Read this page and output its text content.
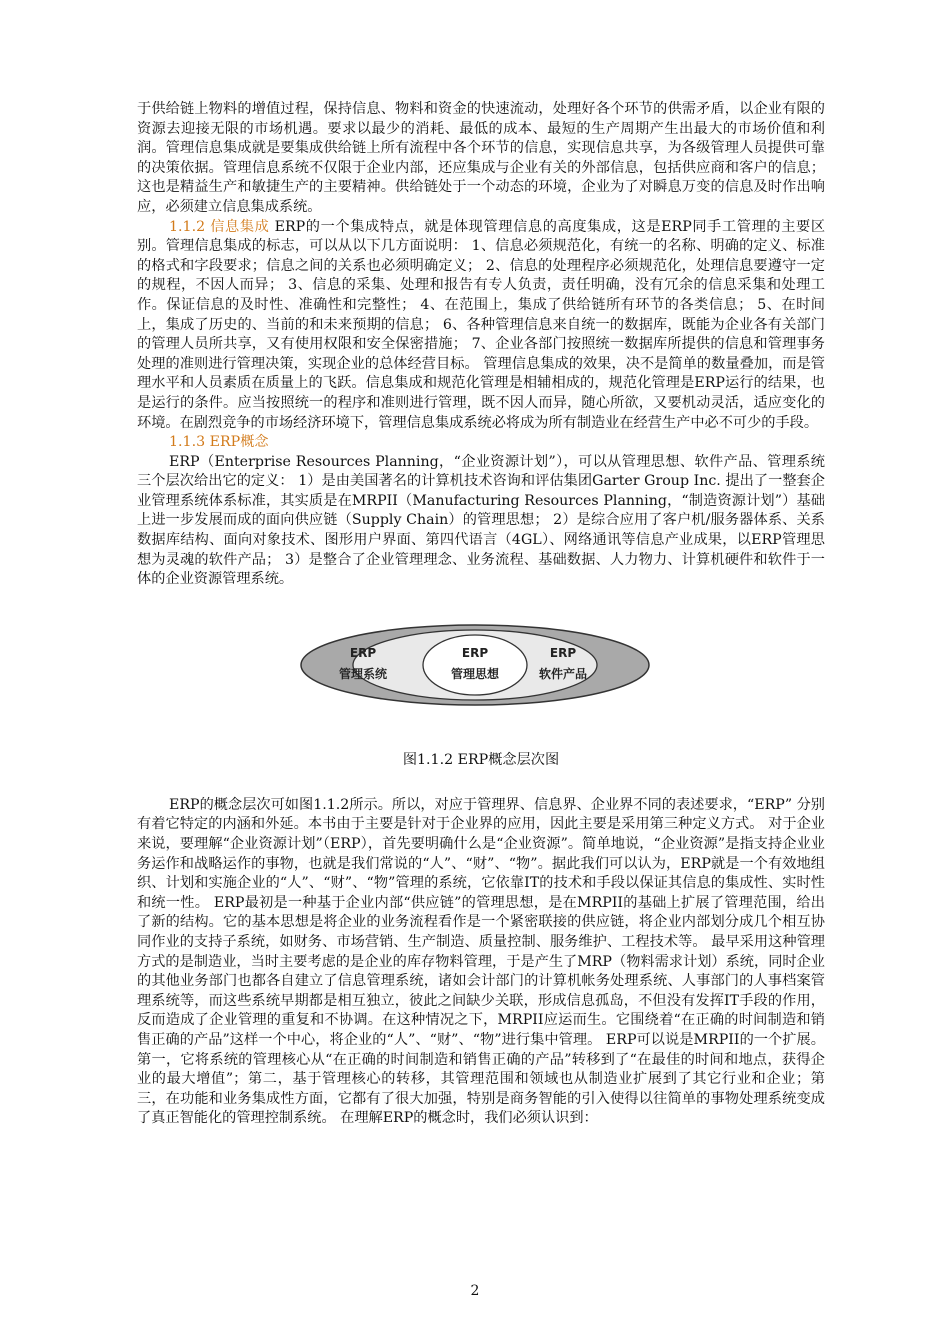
于供给链上物料的增值过程，保持信息、物料和资金的快速流动，处理好各个环节的供需矛盾，以企业有限的资源去迎接无限的市场机遇。要求以最少的消耗、最低的成本、最短的生产周期产生出最大的市场价值和利润。管理信息集成就是要集成供给链上所有流程中各个环节的信息，实现信息共享，为各级管理人员提供可靠的决策依据。管理信息系统不仅限于企业内部，还应集成与企业有关的外部信息，包括供应商和客户的信息；这也是精益生产和敏捷生产的主要精神。供给链处于一个动态的环境，企业为了对瞬息万变的信息及时作出响应，必须建立信息集成系统。

1.1.2 信息集成 ERP的一个集成特点，就是体现管理信息的高度集成，这是ERP同手工管理的主要区别。管理信息集成的标志，可以从以下几方面说明： 1、信息必须规范化，有统一的名称、明确的定义、标准的格式和字段要求；信息之间的关系也必须明确定义； 2、信息的处理程序必须规范化，处理信息要遵守一定的规程，不因人而异； 3、信息的采集、处理和报告有专人负责，责任明确，没有冗余的信息采集和处理工作。保证信息的及时性、准确性和完整性； 4、在范围上，集成了供给链所有环节的各类信息； 5、在时间上，集成了历史的、当前的和未来预期的信息； 6、各种管理信息来自统一的数据库，既能为企业各有关部门的管理人员所共享，又有使用权限和安全保密措施； 7、企业各部门按照统一数据库所提供的信息和管理事务处理的准则进行管理决策，实现企业的总体经营目标。 管理信息集成的效果，决不是简单的数量叠加，而是管理水平和人员素质在质量上的飞跃。信息集成和规范化管理是相辅相成的，规范化管理是ERP运行的结果，也是运行的条件。应当按照统一的程序和准则进行管理，既不因人而异，随心所欲，又要机动灵活，适应变化的环境。在剧烈竞争的市场经济环境下，管理信息集成系统必将成为所有制造业在经营生产中必不可少的手段。

1.1.3 ERP概念

ERP（Enterprise Resources Planning，“企业资源计划”），可以从管理思想、软件产品、管理系统三个层次给出它的定义： 1）是由美国著名的计算机技术咨询和评估集团Garter Group Inc. 提出了一整套企业管理系统体系标准，其实质是在MRPII（Manufacturing Resources Planning，“制造资源计划”）基础上进一步发展而成的面向供应链（Supply Chain）的管理思想； 2）是综合应用了客户机/服务器体系、关系数据库结构、面向对象技术、图形用户界面、第四代语言（4GL）、网络通讯等信息产业成果，以ERP管理思想为灵魂的软件产品； 3）是整合了企业管理理念、业务流程、基础数据、人力物力、计算机硬件和软件于一体的企业资源管理系统。

ERP
管理系统
ERP
管理思想
ERP
软件产品

图1.1.2 ERP概念层次图

ERP的概念层次可如图1.1.2所示。所以，对应于管理界、信息界、企业界不同的表述要求，“ERP” 分别有着它特定的内涵和外延。本书由于主要是针对于企业界的应用，因此主要是采用第三种定义方式。 对于企业来说，要理解“企业资源计划”（ERP），首先要明确什么是“企业资源”。简单地说，“企业资源”是指支持企业业务运作和战略运作的事物，也就是我们常说的“人”、“财”、“物”。据此我们可以认为，ERP就是一个有效地组织、计划和实施企业的“人”、“财”、“物”管理的系统，它依靠IT的技术和手段以保证其信息的集成性、实时性和统一性。 ERP最初是一种基于企业内部“供应链”的管理思想，是在MRPII的基础上扩展了管理范围，给出了新的结构。它的基本思想是将企业的业务流程看作是一个紧密联接的供应链，将企业内部划分成几个相互协同作业的支持子系统，如财务、市场营销、生产制造、质量控制、服务维护、工程技术等。 最早采用这种管理方式的是制造业，当时主要考虑的是企业的库存物料管理，于是产生了MRP（物料需求计划）系统，同时企业的其他业务部门也都各自建立了信息管理系统，诸如会计部门的计算机帐务处理系统、人事部门的人事档案管理系统等，而这些系统早期都是相互独立，彼此之间缺少关联，形成信息孤岛，不但没有发挥IT手段的作用，反而造成了企业管理的重复和不协调。在这种情况之下，MRPII应运而生。它围绕着“在正确的时间制造和销售正确的产品”这样一个中心，将企业的“人”、“财”、“物”进行集中管理。 ERP可以说是MRPII的一个扩展。第一，它将系统的管理核心从“在正确的时间制造和销售正确的产品”转移到了“在最佳的时间和地点，获得企业的最大增值”；第二，基于管理核心的转移，其管理范围和领域也从制造业扩展到了其它行业和企业；第三，在功能和业务集成性方面，它都有了很大加强，特别是商务智能的引入使得以往简单的事物处理系统变成了真正智能化的管理控制系统。 在理解ERP的概念时，我们必须认识到：

2
